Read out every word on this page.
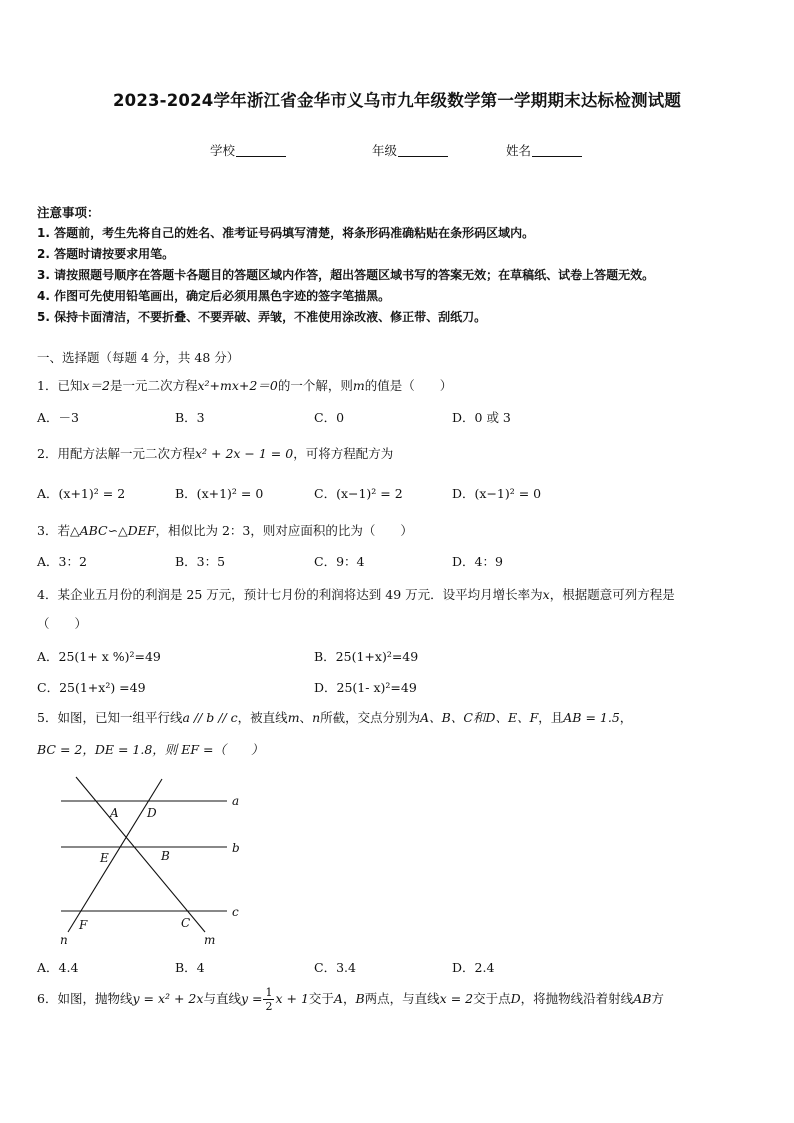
2023-2024学年浙江省金华市义乌市九年级数学第一学期期末达标检测试题
学校	年级	姓名
注意事项：
1. 答题前，考生先将自己的姓名、准考证号码填写清楚，将条形码准确粘贴在条形码区域内。
2. 答题时请按要求用笔。
3. 请按照题号顺序在答题卡各题目的答题区域内作答，超出答题区域书写的答案无效；在草稿纸、试卷上答题无效。
4. 作图可先使用铅笔画出，确定后必须用黑色字迹的签字笔描黑。
5. 保持卡面清洁，不要折叠、不要弄破、弄皱，不准使用涂改液、修正带、刮纸刀。
一、选择题（每题 4 分，共 48 分）
1．已知x＝2是一元二次方程x²+mx+2＝0的一个解，则m的值是（　　）
A．－3	B．3	C．0	D．0 或 3
2．用配方法解一元二次方程x² + 2x − 1 = 0，可将方程配方为
A．(x+1)² = 2	B．(x+1)² = 0	C．(x−1)² = 2	D．(x−1)² = 0
3．若△ABC∽△DEF，相似比为 2：3，则对应面积的比为（　　）
A．3：2	B．3：5	C．9：4	D．4：9
4．某企业五月份的利润是 25 万元，预计七月份的利润将达到 49 万元．设平均月增长率为x，根据题意可列方程是
（　　）
A．25(1+ x %)²=49	B．25(1+x)²=49
C．25(1+x²) =49	D．25(1- x)²=49
5．如图，已知一组平行线a // b // c，被直线m、n所截，交点分别为A、B、C和D、E、F，且AB = 1.5，
BC = 2，DE = 1.8，则 EF =（　　）
a
b
c
A D
E	B
F	C
n	m
A．4.4	B．4	C．3.4	D．2.4
6．如图，抛物线y = x² + 2x与直线$y = \frac{1}{2}$ x + 1交于A，B两点，与直线x = 2交于点D，将抛物线沿着射线AB方
